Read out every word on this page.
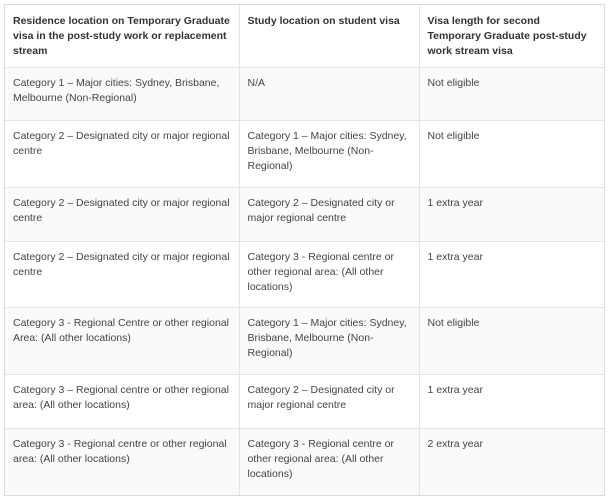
Residence location on Temporary Graduate visa in the post-study work or replacement stream	Study location on student visa	Visa length for second Temporary Graduate post-study work stream visa
Category 1 – Major cities: Sydney, Brisbane, Melbourne (Non-Regional)	N/A	Not eligible
Category 2 – Designated city or major regional centre	Category 1 – Major cities: Sydney, Brisbane, Melbourne (Non-Regional)	Not eligible
Category 2 – Designated city or major regional centre	Category 2 – Designated city or major regional centre	1 extra year
Category 2 – Designated city or major regional centre	Category 3 - Regional centre or other regional area: (All other locations)	1 extra year
Category 3 - Regional Centre or other regional Area: (All other locations)	Category 1 – Major cities: Sydney, Brisbane, Melbourne (Non-Regional)	Not eligible
Category 3 – Regional centre or other regional area: (All other locations)	Category 2 – Designated city or major regional centre	1 extra year
Category 3 - Regional centre or other regional area: (All other locations)	Category 3 - Regional centre or other regional area: (All other locations)	2 extra year
